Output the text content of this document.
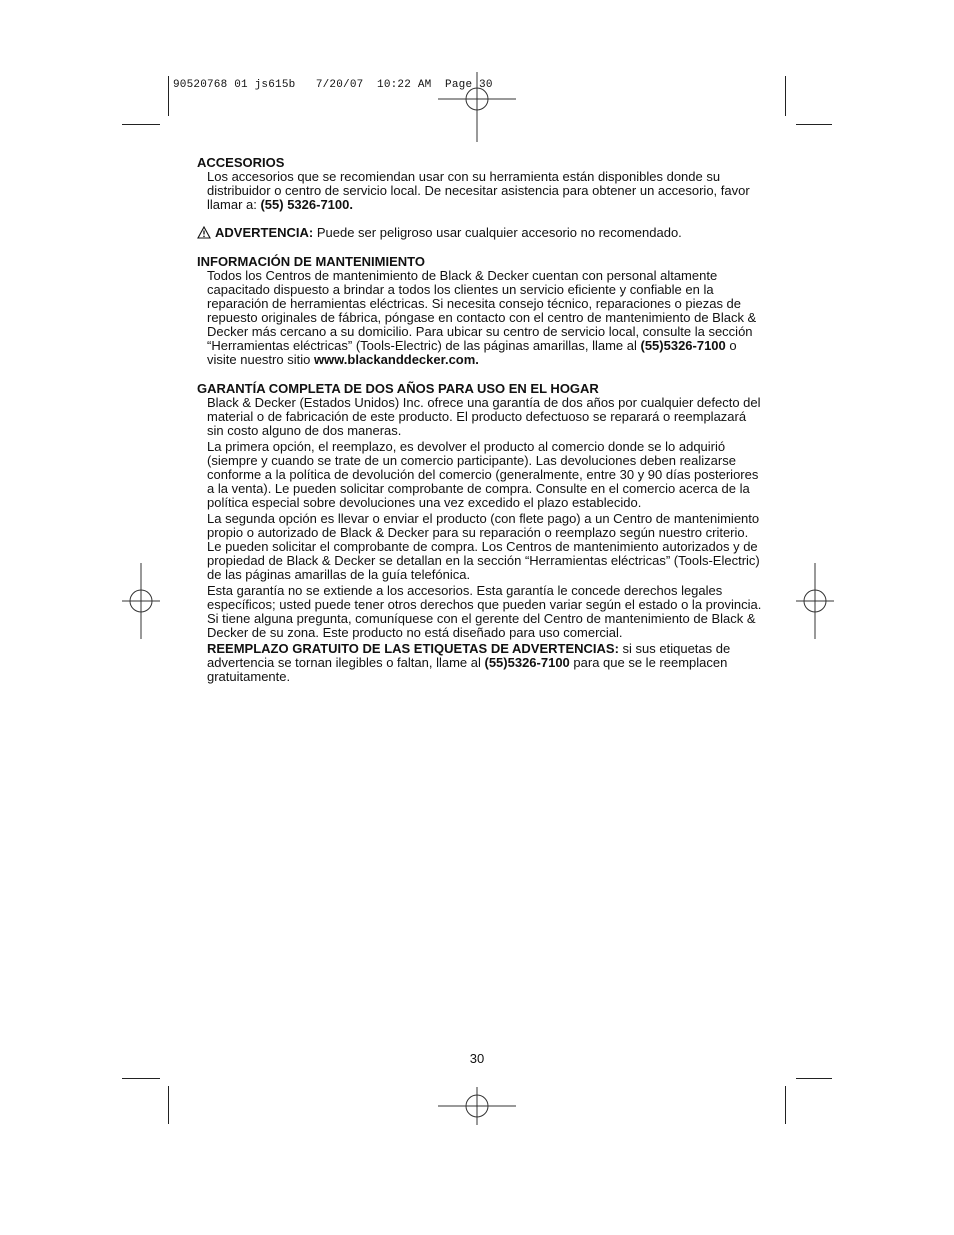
90520768 01 js615b   7/20/07  10:22 AM  Page 30
ACCESORIOS

Los accesorios que se recomiendan usar con su herramienta están disponibles donde su distribuidor o centro de servicio local. De necesitar asistencia para obtener un accesorio, favor llamar a: (55) 5326-7100.

ADVERTENCIA: Puede ser peligroso usar cualquier accesorio no recomendado.
INFORMACIÓN DE MANTENIMIENTO

Todos los Centros de mantenimiento de Black & Decker cuentan con personal altamente capacitado dispuesto a brindar a todos los clientes un servicio eficiente y confiable en la reparación de herramientas eléctricas. Si necesita consejo técnico, reparaciones o piezas de repuesto originales de fábrica, póngase en contacto con el centro de mantenimiento de Black & Decker más cercano a su domicilio. Para ubicar su centro de servicio local, consulte la sección “Herramientas eléctricas” (Tools-Electric) de las páginas amarillas, llame al (55)5326-7100 o visite nuestro sitio www.blackanddecker.com.

GARANTÍA COMPLETA DE DOS AÑOS PARA USO EN EL HOGAR

Black & Decker (Estados Unidos) Inc. ofrece una garantía de dos años por cualquier defecto del material o de fabricación de este producto. El producto defectuoso se reparará o reemplazará sin costo alguno de dos maneras.

La primera opción, el reemplazo, es devolver el producto al comercio donde se lo adquirió (siempre y cuando se trate de un comercio participante). Las devoluciones deben realizarse conforme a la política de devolución del comercio (generalmente, entre 30 y 90 días posteriores a la venta). Le pueden solicitar comprobante de compra. Consulte en el comercio acerca de la política especial sobre devoluciones una vez excedido el plazo establecido.

La segunda opción es llevar o enviar el producto (con flete pago) a un Centro de mantenimiento propio o autorizado de Black & Decker para su reparación o reemplazo según nuestro criterio. Le pueden solicitar el comprobante de compra. Los Centros de mantenimiento autorizados y de propiedad de Black & Decker se detallan en la sección “Herramientas eléctricas” (Tools-Electric) de las páginas amarillas de la guía telefónica.

Esta garantía no se extiende a los accesorios. Esta garantía le concede derechos legales específicos; usted puede tener otros derechos que pueden variar según el estado o la provincia. Si tiene alguna pregunta, comuníquese con el gerente del Centro de mantenimiento de Black & Decker de su zona. Este producto no está diseñado para uso comercial.

REEMPLAZO GRATUITO DE LAS ETIQUETAS DE ADVERTENCIAS: si sus etiquetas de advertencia se tornan ilegibles o faltan, llame al (55)5326-7100 para que se le reemplacen gratuitamente.

30
